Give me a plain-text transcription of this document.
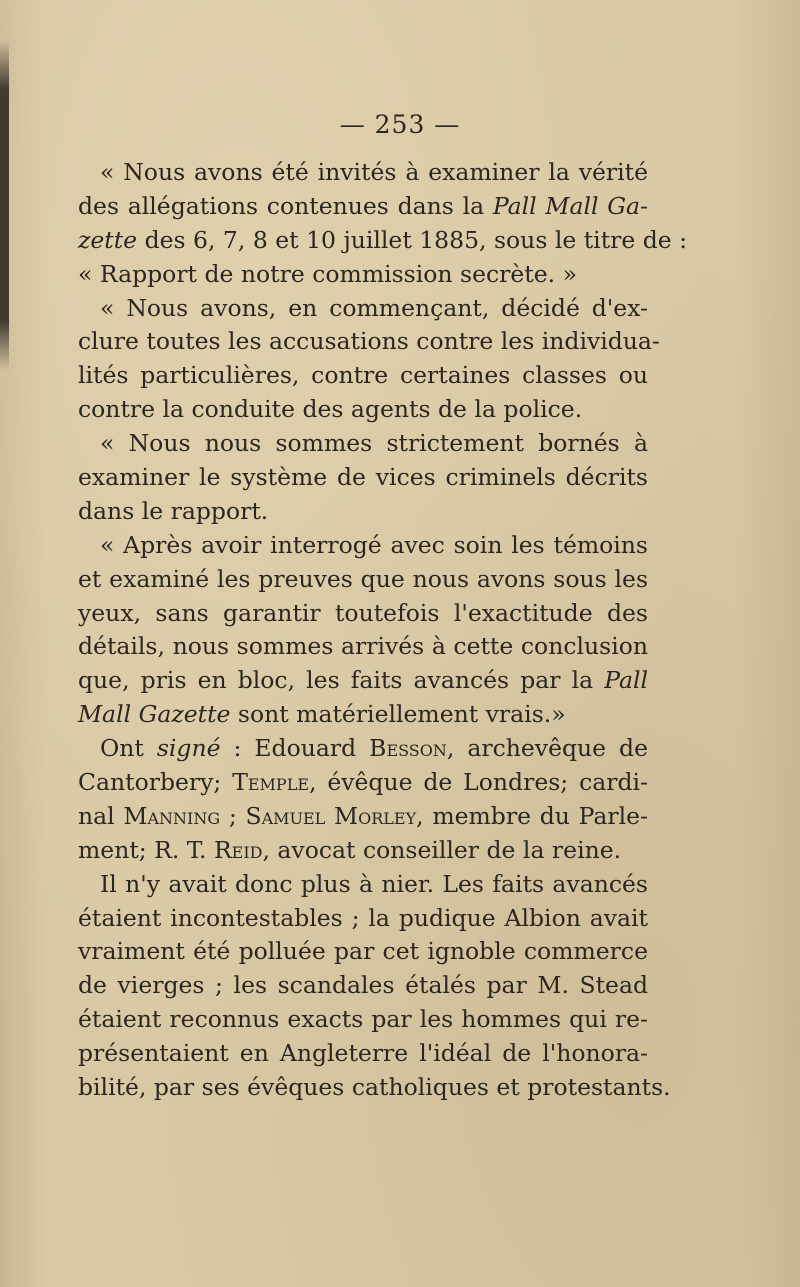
— 253 —
« Nous avons été invités à examiner la vérité
des allégations contenues dans la Pall Mall Ga-
zette des 6, 7, 8 et 10 juillet 1885, sous le titre de :
« Rapport de notre commission secrète. »
« Nous avons, en commençant, décidé d'ex-
clure toutes les accusations contre les individua-
lités particulières, contre certaines classes ou
contre la conduite des agents de la police.
« Nous nous sommes strictement bornés à
examiner le système de vices criminels décrits
dans le rapport.
« Après avoir interrogé avec soin les témoins
et examiné les preuves que nous avons sous les
yeux, sans garantir toutefois l'exactitude des
détails, nous sommes arrivés à cette conclusion
que, pris en bloc, les faits avancés par la Pall
Mall Gazette sont matériellement vrais.»
Ont signé : Edouard Besson, archevêque de
Cantorbery; Temple, évêque de Londres; cardi-
nal Manning ; Samuel Morley, membre du Parle-
ment; R. T. Reid, avocat conseiller de la reine.
Il n'y avait donc plus à nier. Les faits avancés
étaient incontestables ; la pudique Albion avait
vraiment été polluée par cet ignoble commerce
de vierges ; les scandales étalés par M. Stead
étaient reconnus exacts par les hommes qui re-
présentaient en Angleterre l'idéal de l'honora-
bilité, par ses évêques catholiques et protestants.
